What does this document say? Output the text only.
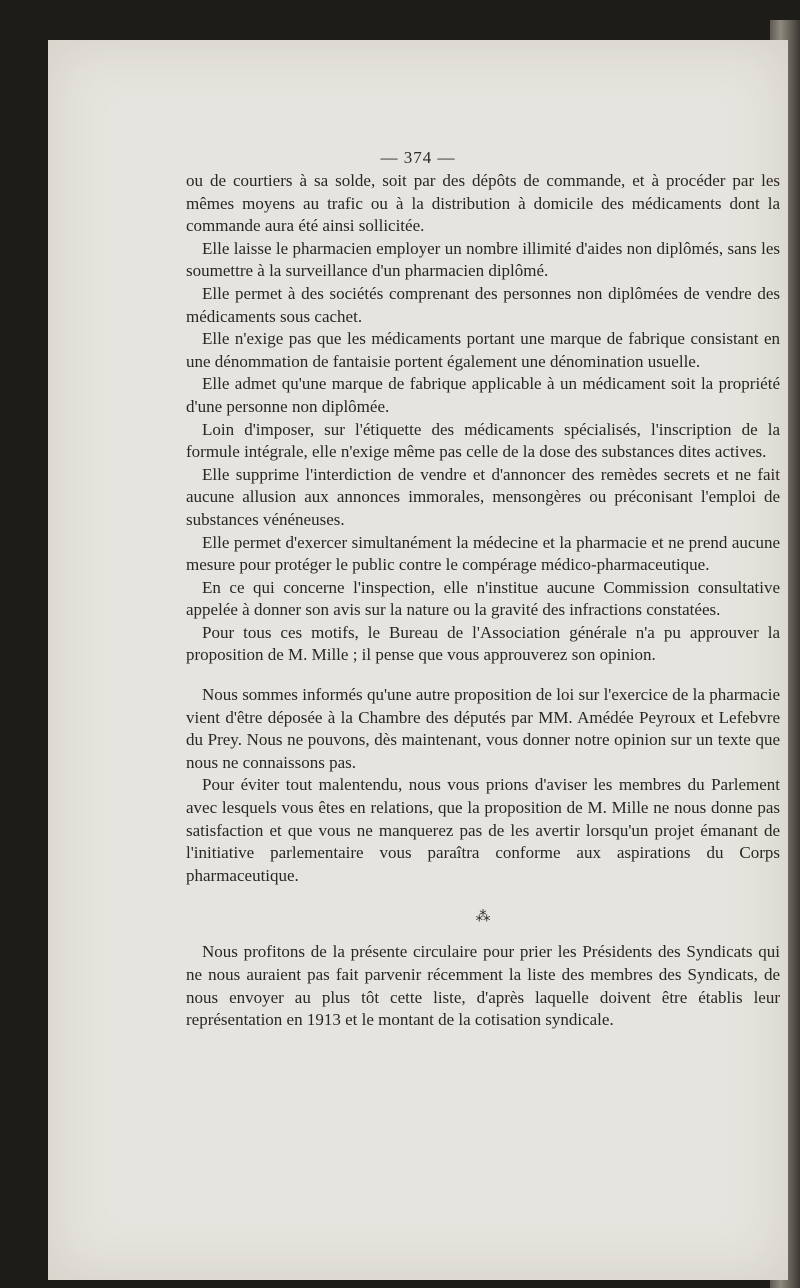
— 374 —

ou de courtiers à sa solde, soit par des dépôts de commande, et à procéder par les mêmes moyens au trafic ou à la distribution à domicile des médicaments dont la commande aura été ainsi sollicitée.

Elle laisse le pharmacien employer un nombre illimité d'aides non diplômés, sans les soumettre à la surveillance d'un pharmacien diplômé.

Elle permet à des sociétés comprenant des personnes non diplômées de vendre des médicaments sous cachet.

Elle n'exige pas que les médicaments portant une marque de fabrique consistant en une dénommation de fantaisie portent également une dénomination usuelle.

Elle admet qu'une marque de fabrique applicable à un médicament soit la propriété d'une personne non diplômée.

Loin d'imposer, sur l'étiquette des médicaments spécialisés, l'inscription de la formule intégrale, elle n'exige même pas celle de la dose des substances dites actives.

Elle supprime l'interdiction de vendre et d'annoncer des remèdes secrets et ne fait aucune allusion aux annonces immorales, mensongères ou préconisant l'emploi de substances vénéneuses.

Elle permet d'exercer simultanément la médecine et la pharmacie et ne prend aucune mesure pour protéger le public contre le compérage médico-pharmaceutique.

En ce qui concerne l'inspection, elle n'institue aucune Commission consultative appelée à donner son avis sur la nature ou la gravité des infractions constatées.

Pour tous ces motifs, le Bureau de l'Association générale n'a pu approuver la proposition de M. Mille ; il pense que vous approuverez son opinion.

Nous sommes informés qu'une autre proposition de loi sur l'exercice de la pharmacie vient d'être déposée à la Chambre des députés par MM. Amédée Peyroux et Lefebvre du Prey. Nous ne pouvons, dès maintenant, vous donner notre opinion sur un texte que nous ne connaissons pas.

Pour éviter tout malentendu, nous vous prions d'aviser les membres du Parlement avec lesquels vous êtes en relations, que la proposition de M. Mille ne nous donne pas satisfaction et que vous ne manquerez pas de les avertir lorsqu'un projet émanant de l'initiative parlementaire vous paraîtra conforme aux aspirations du Corps pharmaceutique.

⁂

Nous profitons de la présente circulaire pour prier les Présidents des Syndicats qui ne nous auraient pas fait parvenir récemment la liste des membres des Syndicats, de nous envoyer au plus tôt cette liste, d'après laquelle doivent être établis leur représentation en 1913 et le montant de la cotisation syndicale.
